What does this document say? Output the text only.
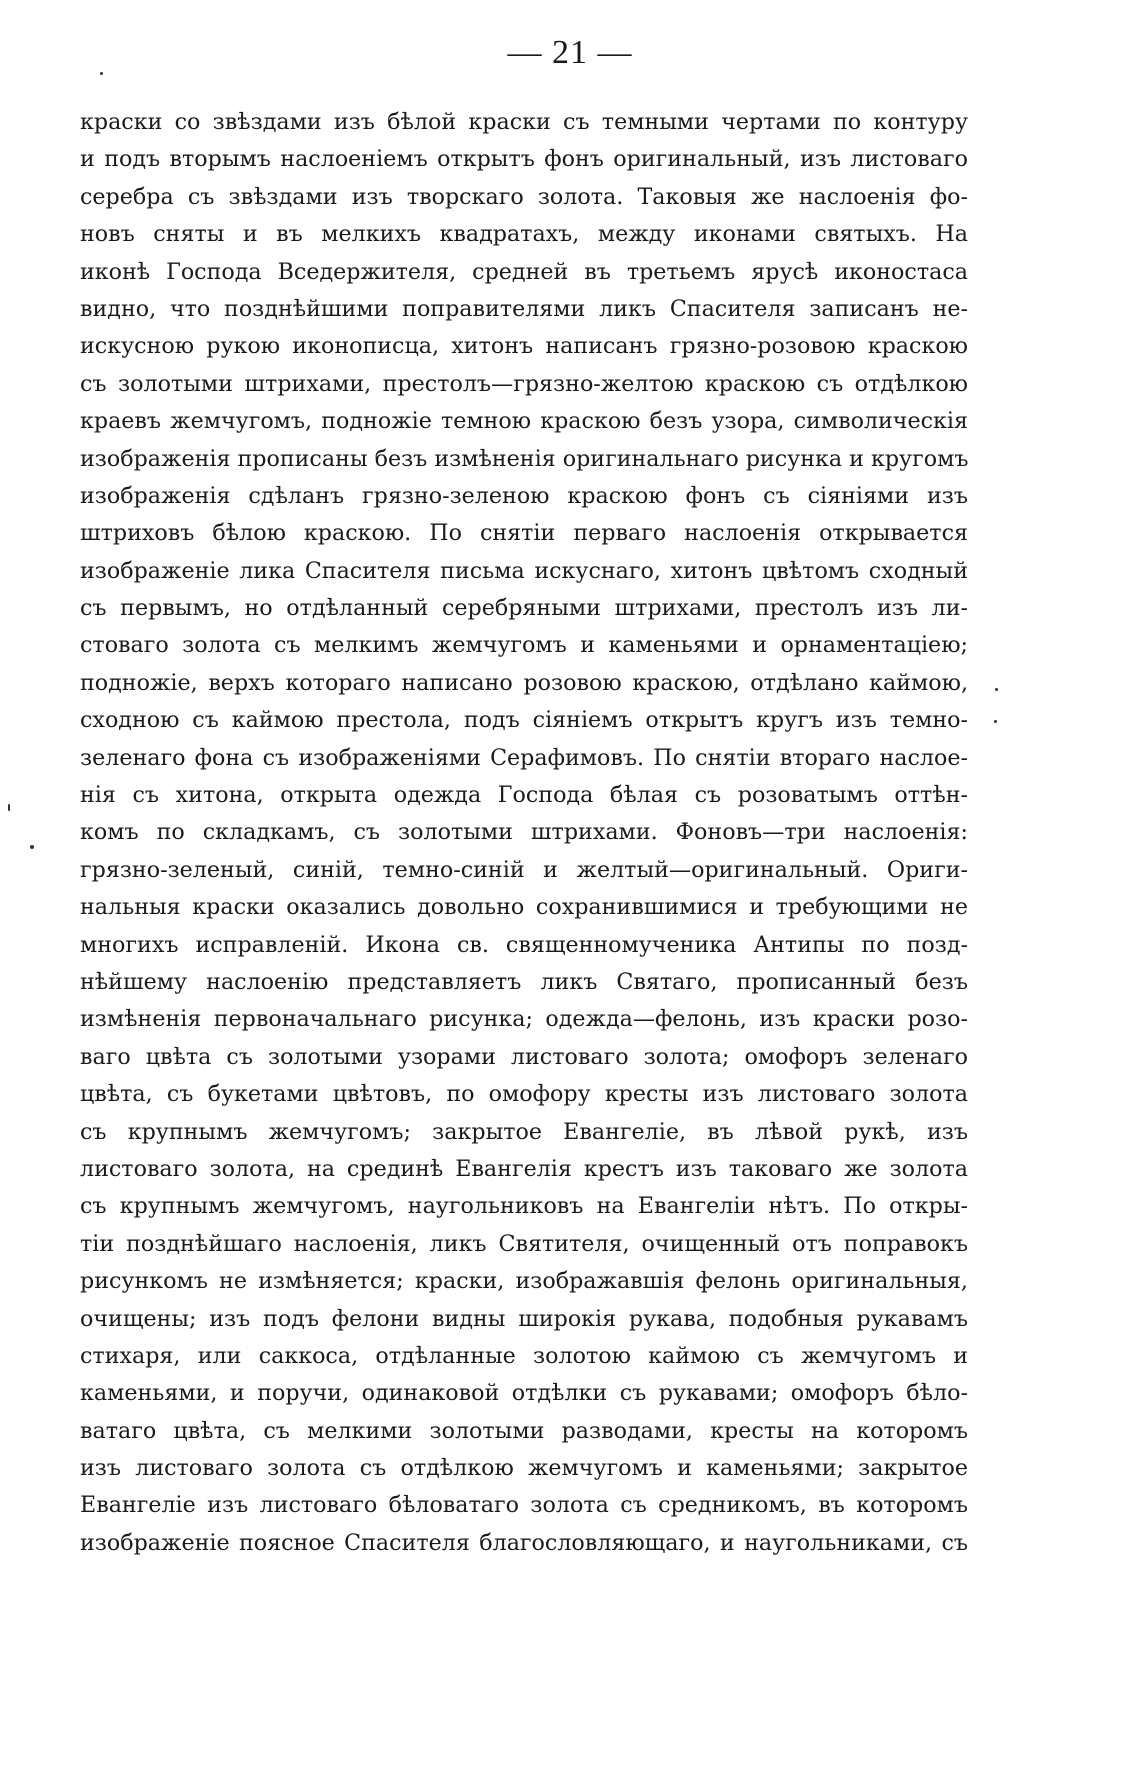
— 21 —
краски со звѣздами изъ бѣлой краски съ темными чертами по контуру
и подъ вторымъ наслоенiемъ открытъ фонъ оригинальный, изъ листоваго
серебра съ звѣздами изъ творскаго золота. Таковыя же наслоенiя фо-
новъ сняты и въ мелкихъ квадратахъ, между иконами святыхъ. На
иконѣ Господа Вседержителя, средней въ третьемъ ярусѣ иконостаса
видно, что позднѣйшими поправителями ликъ Спасителя записанъ не-
искусною рукою иконописца, хитонъ написанъ грязно-розовою краскою
съ золотыми штрихами, престолъ—грязно-желтою краскою съ отдѣлкою
краевъ жемчугомъ, подножiе темною краскою безъ узора, символическiя
изображенiя прописаны безъ измѣненiя оригинальнаго рисунка и кругомъ
изображенiя сдѣланъ грязно-зеленою краскою фонъ съ сiянiями изъ
штриховъ бѣлою краскою. По снятiи перваго наслоенiя открывается
изображенiе лика Спасителя письма искуснаго, хитонъ цвѣтомъ сходный
съ первымъ, но отдѣланный серебряными штрихами, престолъ изъ ли-
стоваго золота съ мелкимъ жемчугомъ и каменьями и орнаментацiею;
подножiе, верхъ котораго написано розовою краскою, отдѣлано каймою,
сходною съ каймою престола, подъ сiянiемъ открытъ кругъ изъ темно-
зеленаго фона съ изображенiями Серафимовъ. По снятiи втораго наслое-
нiя съ хитона, открыта одежда Господа бѣлая съ розоватымъ оттѣн-
комъ по складкамъ, съ золотыми штрихами. Фоновъ—три наслоенiя:
грязно-зеленый, синiй, темно-синiй и желтый—оригинальный. Ориги-
нальныя краски оказались довольно сохранившимися и требующими не
многихъ исправленiй. Икона св. священномученика Антипы по позд-
нѣйшему наслоенiю представляетъ ликъ Святаго, прописанный безъ
измѣненiя первоначальнаго рисунка; одежда—фелонь, изъ краски розо-
ваго цвѣта съ золотыми узорами листоваго золота; омофоръ зеленаго
цвѣта, съ букетами цвѣтовъ, по омофору кресты изъ листоваго золота
съ крупнымъ жемчугомъ; закрытое Евангелiе, въ лѣвой рукѣ, изъ
листоваго золота, на срединѣ Евангелiя крестъ изъ таковаго же золота
съ крупнымъ жемчугомъ, наугольниковъ на Евангелiи нѣтъ. По откры-
тiи позднѣйшаго наслоенiя, ликъ Святителя, очищенный отъ поправокъ
рисункомъ не измѣняется; краски, изображавшiя фелонь оригинальныя,
очищены; изъ подъ фелони видны широкiя рукава, подобныя рукавамъ
стихаря, или саккоса, отдѣланные золотою каймою съ жемчугомъ и
каменьями, и поручи, одинаковой отдѣлки съ рукавами; омофоръ бѣло-
ватаго цвѣта, съ мелкими золотыми разводами, кресты на которомъ
изъ листоваго золота съ отдѣлкою жемчугомъ и каменьями; закрытое
Евангелiе изъ листоваго бѣловатаго золота съ средникомъ, въ которомъ
изображенiе поясное Спасителя благословляющаго, и наугольниками, съ
